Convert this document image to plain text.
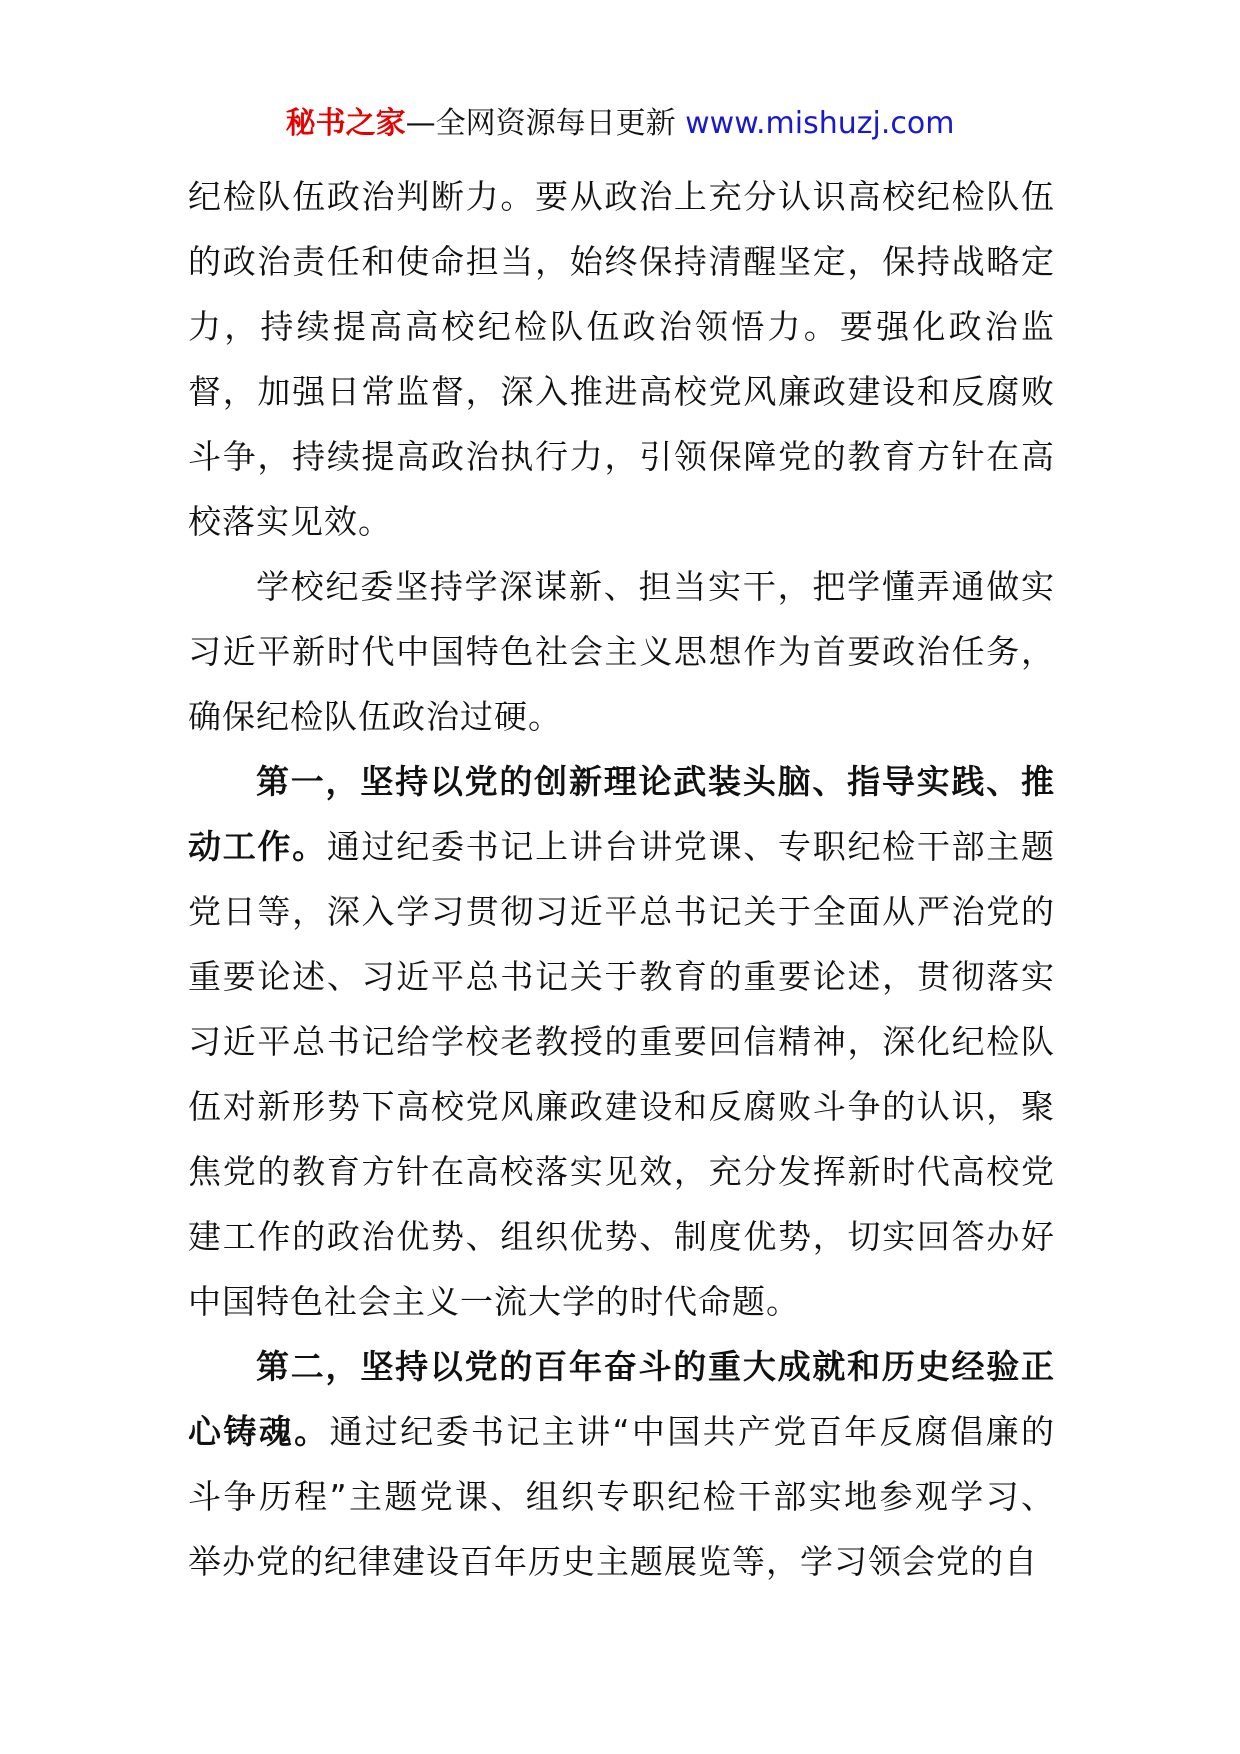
秘书之家—全网资源每日更新 www.mishuzj.com

纪检队伍政治判断力。要从政治上充分认识高校纪检队伍的政治责任和使命担当，始终保持清醒坚定，保持战略定力，持续提高高校纪检队伍政治领悟力。要强化政治监督，加强日常监督，深入推进高校党风廉政建设和反腐败斗争，持续提高政治执行力，引领保障党的教育方针在高校落实见效。

学校纪委坚持学深谋新、担当实干，把学懂弄通做实习近平新时代中国特色社会主义思想作为首要政治任务，确保纪检队伍政治过硬。

第一，坚持以党的创新理论武装头脑、指导实践、推动工作。通过纪委书记上讲台讲党课、专职纪检干部主题党日等，深入学习贯彻习近平总书记关于全面从严治党的重要论述、习近平总书记关于教育的重要论述，贯彻落实习近平总书记给学校老教授的重要回信精神，深化纪检队伍对新形势下高校党风廉政建设和反腐败斗争的认识，聚焦党的教育方针在高校落实见效，充分发挥新时代高校党建工作的政治优势、组织优势、制度优势，切实回答办好中国特色社会主义一流大学的时代命题。

第二，坚持以党的百年奋斗的重大成就和历史经验正心铸魂。通过纪委书记主讲“中国共产党百年反腐倡廉的斗争历程”主题党课、组织专职纪检干部实地参观学习、举办党的纪律建设百年历史主题展览等，学习领会党的自
